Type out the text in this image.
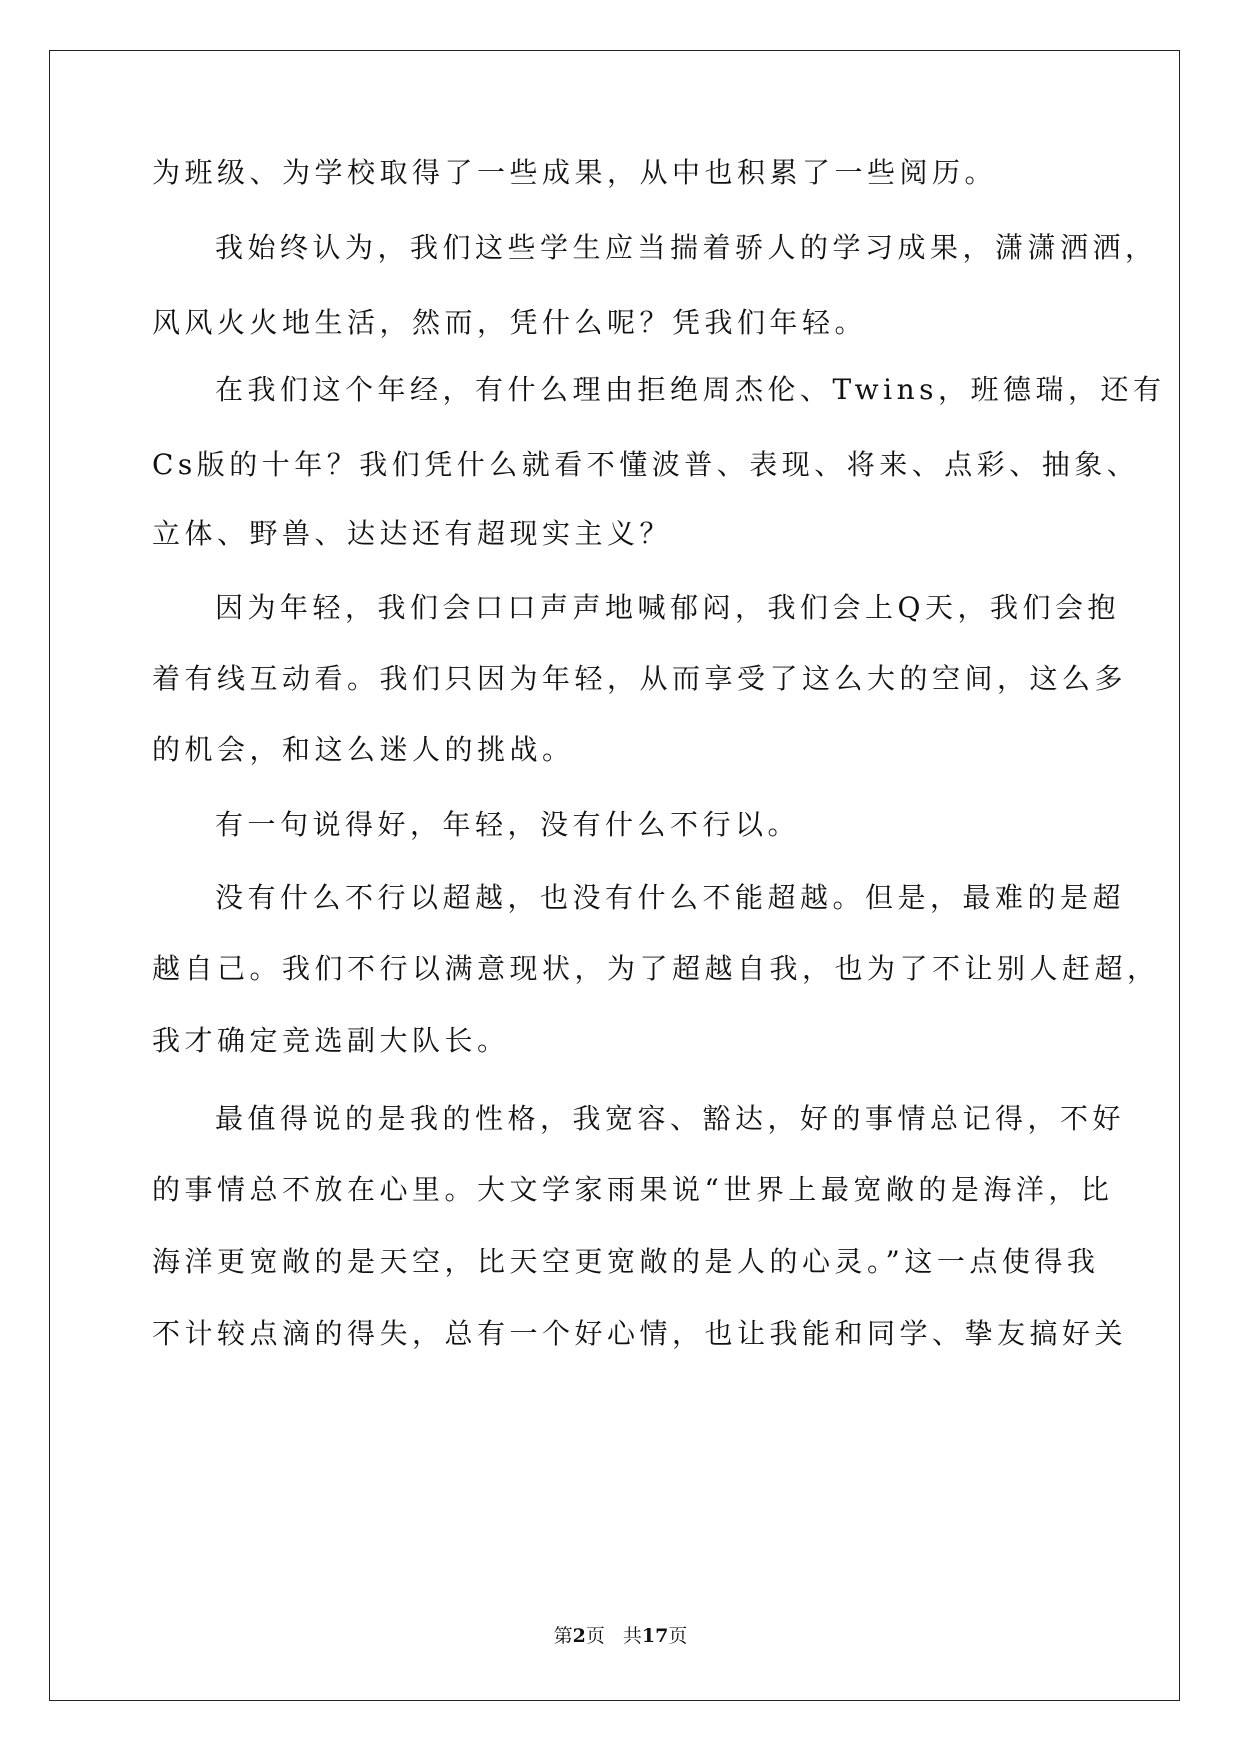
为班级、为学校取得了一些成果，从中也积累了一些阅历。

我始终认为，我们这些学生应当揣着骄人的学习成果，潇潇洒洒，

风风火火地生活，然而，凭什么呢？凭我们年轻。

在我们这个年经，有什么理由拒绝周杰伦、Twins，班德瑞，还有

Cs版的十年？我们凭什么就看不懂波普、表现、将来、点彩、抽象、

立体、野兽、达达还有超现实主义？

因为年轻，我们会口口声声地喊郁闷，我们会上Q天，我们会抱

着有线互动看。我们只因为年轻，从而享受了这么大的空间，这么多

的机会，和这么迷人的挑战。

有一句说得好，年轻，没有什么不行以。

没有什么不行以超越，也没有什么不能超越。但是，最难的是超

越自己。我们不行以满意现状，为了超越自我，也为了不让别人赶超，

我才确定竞选副大队长。

最值得说的是我的性格，我宽容、豁达，好的事情总记得，不好

的事情总不放在心里。大文学家雨果说“世界上最宽敞的是海洋，比

海洋更宽敞的是天空，比天空更宽敞的是人的心灵。”这一点使得我

不计较点滴的得失，总有一个好心情，也让我能和同学、挚友搞好关

第2页 共17页
